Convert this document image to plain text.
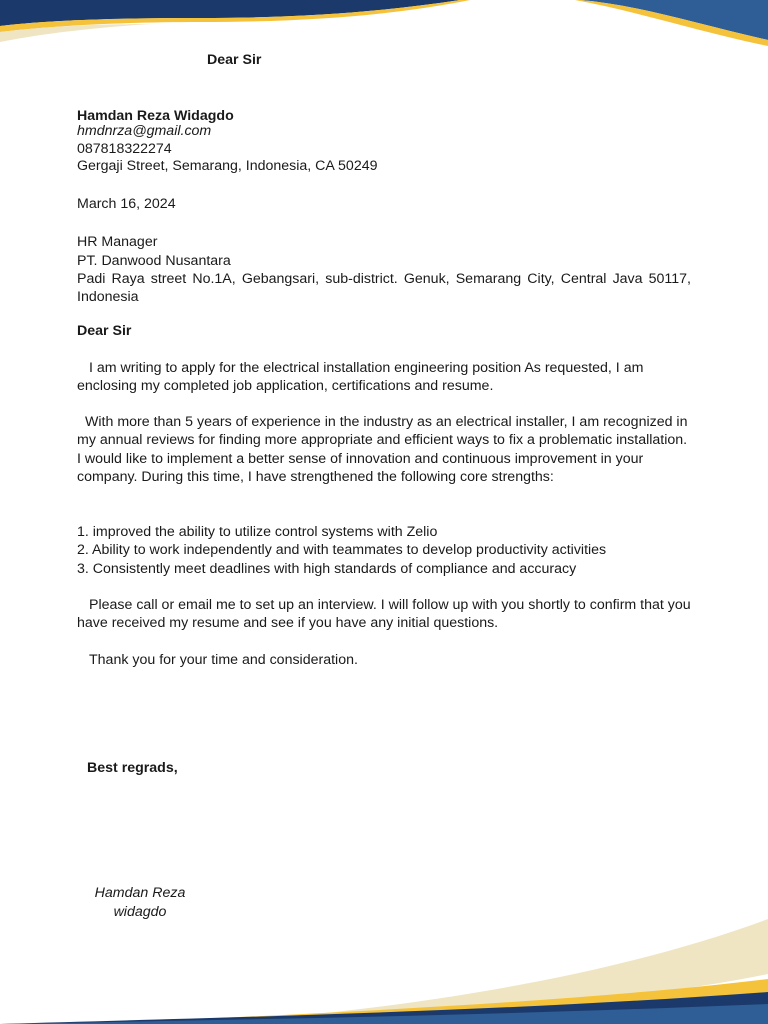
Dear Sir
Hamdan Reza Widagdo
hmdnrza@gmail.com
087818322274
Gergaji Street, Semarang, Indonesia, CA 50249
March 16, 2024
HR Manager
PT. Danwood Nusantara
Padi Raya street No.1A, Gebangsari, sub-district. Genuk, Semarang City, Central Java 50117, Indonesia
Dear Sir
I am writing to apply for the electrical installation engineering position As requested, I am enclosing my completed job application, certifications and resume.
With more than 5 years of experience in the industry as an electrical installer, I am recognized in my annual reviews for finding more appropriate and efficient ways to fix a problematic installation. I would like to implement a better sense of innovation and continuous improvement in your company. During this time, I have strengthened the following core strengths:
1. improved the ability to utilize control systems with Zelio
2. Ability to work independently and with teammates to develop productivity activities
3. Consistently meet deadlines with high standards of compliance and accuracy
Please call or email me to set up an interview. I will follow up with you shortly to confirm that you have received my resume and see if you have any initial questions.
Thank you for your time and consideration.
Best regrads,
Hamdan Reza
widagdo
